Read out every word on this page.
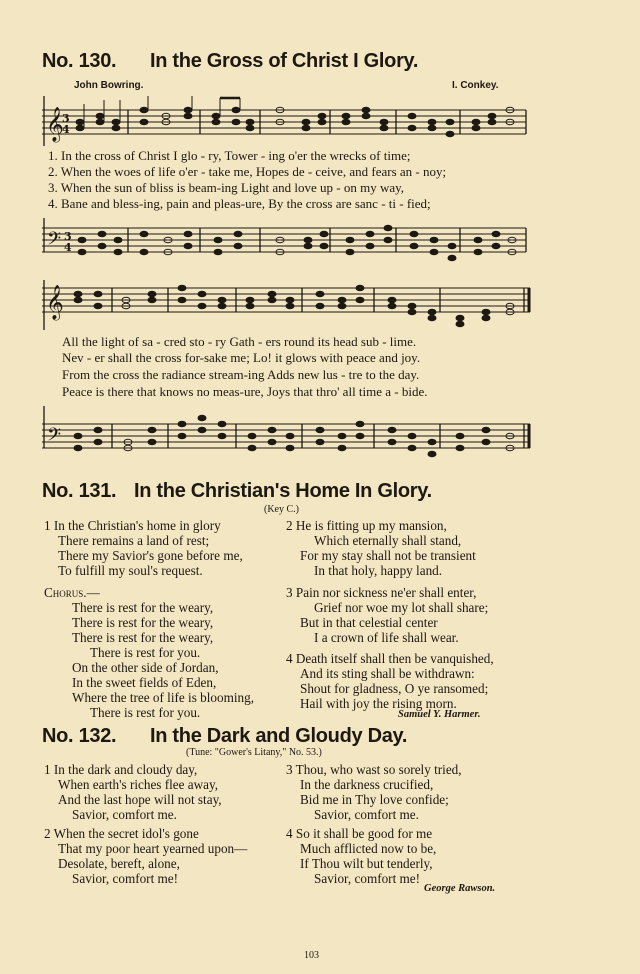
No. 130. In the Gross of Christ I Glory.
John Bowring.	I. Conkey.
𝄞
3
4
1. In the cross of Christ I glo - ry, Tower - ing o'er the wrecks of time;
2. When the woes of life o'er - take me, Hopes de - ceive, and fears an - noy;
3. When the sun of bliss is beam-ing Light and love up - on my way,
4. Bane and bless-ing, pain and pleas-ure, By the cross are sanc - ti - fied;
𝄢 3
4
𝄞
All the light of sa - cred sto - ry Gath - ers round its head sub - lime.
Nev - er shall the cross for-sake me; Lo! it glows with peace and joy.
From the cross the radiance stream-ing Adds new lus - tre to the day.
Peace is there that knows no meas-ure, Joys that thro' all time a - bide.
𝄢
No. 131. In the Christian's Home In Glory.
(Key C.)
1 In the Christian's home in glory
There remains a land of rest;
There my Savior's gone before me,
To fulfill my soul's request.
Chorus.—
There is rest for the weary,
There is rest for the weary,
There is rest for the weary,
There is rest for you.
On the other side of Jordan,
In the sweet fields of Eden,
Where the tree of life is blooming,
There is rest for you.
2 He is fitting up my mansion,
Which eternally shall stand,
For my stay shall not be transient
In that holy, happy land.
3 Pain nor sickness ne'er shall enter,
Grief nor woe my lot shall share;
But in that celestial center
I a crown of life shall wear.
4 Death itself shall then be vanquished,
And its sting shall be withdrawn:
Shout for gladness, O ye ransomed;
Hail with joy the rising morn.
Samuel Y. Harmer.
No. 132. In the Dark and Gloudy Day.
(Tune: "Gower's Litany," No. 53.)
1 In the dark and cloudy day,
When earth's riches flee away,
And the last hope will not stay,
Savior, comfort me.
2 When the secret idol's gone
That my poor heart yearned upon—
Desolate, bereft, alone,
Savior, comfort me!
3 Thou, who wast so sorely tried,
In the darkness crucified,
Bid me in Thy love confide;
Savior, comfort me.
4 So it shall be good for me
Much afflicted now to be,
If Thou wilt but tenderly,
Savior, comfort me!
George Rawson.
103
